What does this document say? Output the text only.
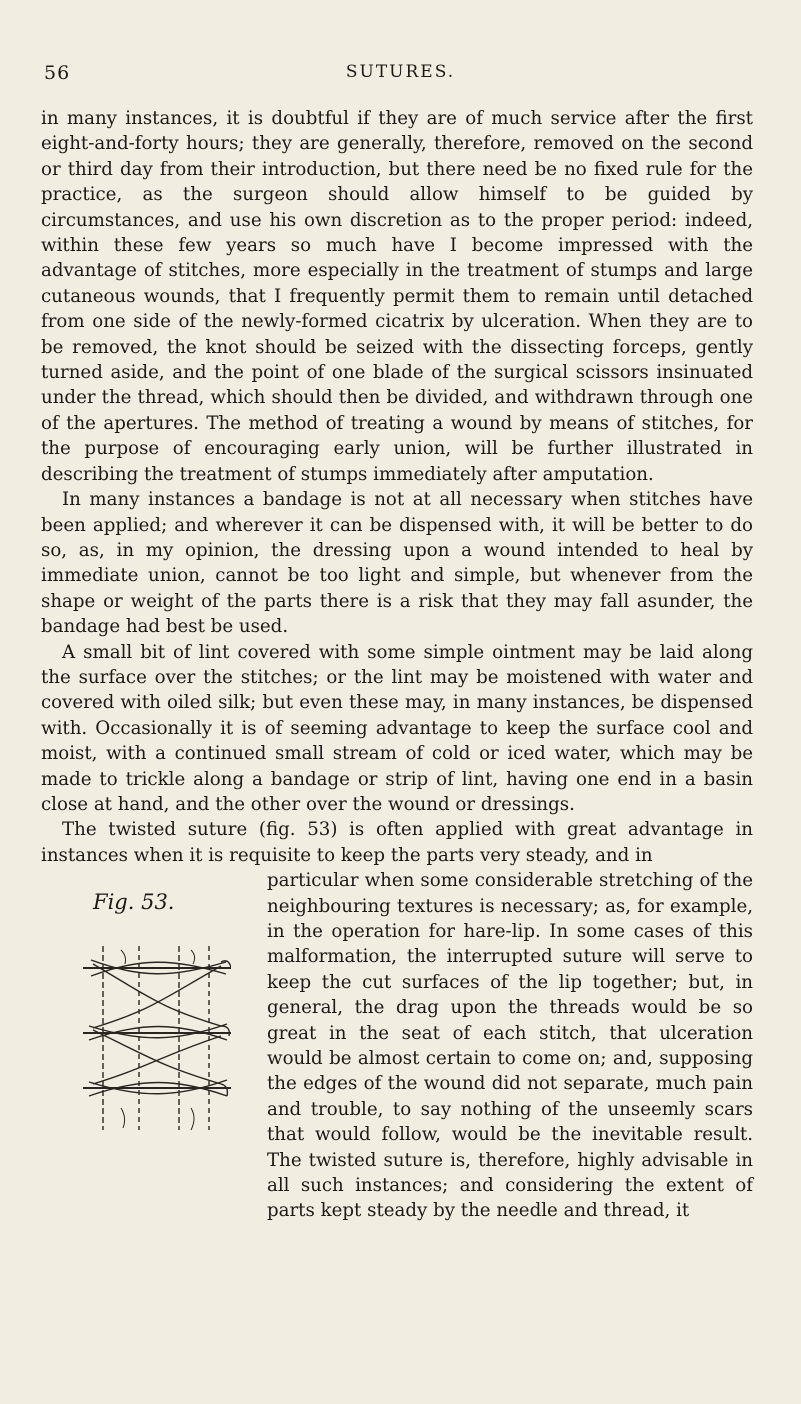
56	SUTURES.

in many instances, it is doubtful if they are of much service after the first eight-and-forty hours; they are generally, therefore, removed on the second or third day from their introduction, but there need be no fixed rule for the practice, as the surgeon should allow himself to be guided by circumstances, and use his own discretion as to the proper period: indeed, within these few years so much have I become impressed with the advantage of stitches, more especially in the treatment of stumps and large cutaneous wounds, that I frequently permit them to remain until detached from one side of the newly-formed cicatrix by ulceration. When they are to be removed, the knot should be seized with the dissecting forceps, gently turned aside, and the point of one blade of the surgical scissors insinuated under the thread, which should then be divided, and withdrawn through one of the apertures. The method of treating a wound by means of stitches, for the purpose of encouraging early union, will be further illustrated in describing the treatment of stumps immediately after amputation.

In many instances a bandage is not at all necessary when stitches have been applied; and wherever it can be dispensed with, it will be better to do so, as, in my opinion, the dressing upon a wound intended to heal by immediate union, cannot be too light and simple, but whenever from the shape or weight of the parts there is a risk that they may fall asunder, the bandage had best be used.

A small bit of lint covered with some simple ointment may be laid along the surface over the stitches; or the lint may be moistened with water and covered with oiled silk; but even these may, in many instances, be dispensed with. Occasionally it is of seeming advantage to keep the surface cool and moist, with a continued small stream of cold or iced water, which may be made to trickle along a bandage or strip of lint, having one end in a basin close at hand, and the other over the wound or dressings.

The twisted suture (fig. 53) is often applied with great advantage in instances when it is requisite to keep the parts very steady, and in

Fig. 53.

particular when some considerable stretching of the neighbouring textures is necessary; as, for example, in the operation for hare-lip. In some cases of this malformation, the interrupted suture will serve to keep the cut surfaces of the lip together; but, in general, the drag upon the threads would be so great in the seat of each stitch, that ulceration would be almost certain to come on; and, supposing the edges of the wound did not separate, much pain and trouble, to say nothing of the unseemly scars that would follow, would be the inevitable result. The twisted suture is, therefore, highly advisable in all such instances; and considering the extent of parts kept steady by the needle and thread, it
